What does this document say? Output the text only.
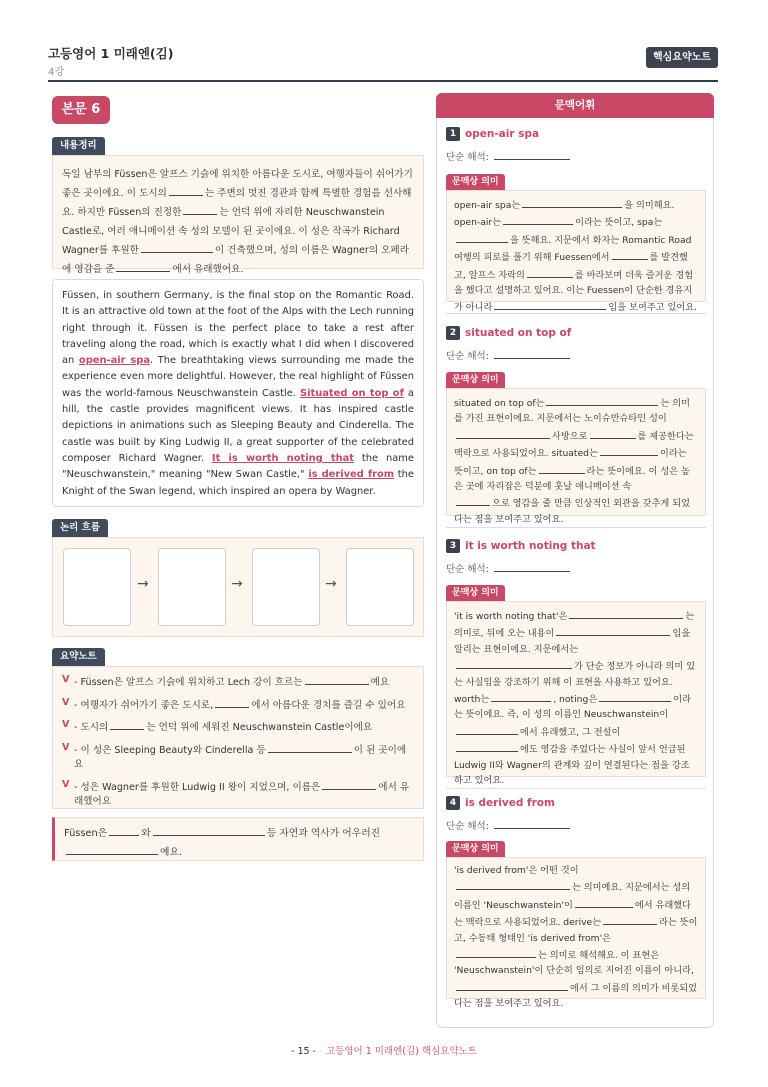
고등영어 1 미래엔(김)
4강
핵심요약노트
본문 6
내용정리
독일 남부의 Füssen은 알프스 기슭에 위치한 아름다운 도시로, 여행자들이 쉬어가기 좋은 곳이에요. 이 도시의	는 주변의 멋진 경관과 함께 특별한 경험을 선사해요. 하지만 Füssen의 진정한	는 언덕 위에 자리한 Neuschwanstein Castle로, 여러 애니메이션 속 성의 모델이 된 곳이에요. 이 성은 작곡가 Richard Wagner를 후원한	이 건축했으며, 성의 이름은 Wagner의 오페라에 영감을 준	에서 유래했어요.
Füssen, in southern Germany, is the final stop on the Romantic Road. It is an attractive old town at the foot of the Alps with the Lech running right through it. Füssen is the perfect place to take a rest after traveling along the road, which is exactly what I did when I discovered an open-air spa. The breathtaking views surrounding me made the experience even more delightful. However, the real highlight of Füssen was the world-famous Neuschwanstein Castle. Situated on top of a hill, the castle provides magnificent views. It has inspired castle depictions in animations such as Sleeping Beauty and Cinderella. The castle was built by King Ludwig II, a great supporter of the celebrated composer Richard Wagner. It is worth noting that the name "Neuschwanstein," meaning "New Swan Castle," is derived from the Knight of the Swan legend, which inspired an opera by Wagner.
논리 흐름
→	→	→
요약노트
V - Füssen은 알프스 기슭에 위치하고 Lech 강이 흐르는	예요
V - 여행자가 쉬어가기 좋은 도시로,	에서 아름다운 경치를 즐길 수 있어요
V - 도시의	는 언덕 위에 세워진 Neuschwanstein Castle이에요
V - 이 성은 Sleeping Beauty와 Cinderella 등	이 된 곳이에요
V - 성은 Wagner를 후원한 Ludwig II 왕이 지었으며, 이름은	에서 유래했어요
Füssen은	와	등 자연과 역사가 어우러진
예요.
문맥어휘
1 open-air spa
단순 해석:
문맥상 의미
open-air spa는	을 의미해요.
open-air는	이라는 뜻이고, spa는을 뜻해요. 지문에서 화자는 Romantic Road 여행의 피로를 풀기 위해 Fuessen에서	를 발견했고, 알프스 자락의	를 바라보며 더욱 즐거운 경험을 했다고 설명하고 있어요. 이는 Fuessen이 단순한 경유지가 아니라	임을 보여주고 있어요.
2 situated on top of
단순 해석:
문맥상 의미
situated on top of는	는 의미를 가진 표현이에요. 지문에서는 노이슈반슈타인 성이
사방으로	를 제공한다는 맥락으로 사용되었어요. situated는	이라는 뜻이고, on top of는	라는 뜻이에요. 이 성은 높은 곳에 자리잡은 덕분에 훗날 애니메이션 속
으로 영감을 줄 만큼 인상적인 외관을 갖추게 되었다는 점을 보여주고 있어요.
3 it is worth noting that
단순 해석:
문맥상 의미
'it is worth noting that'은	는 의미로, 뒤에 오는 내용이	임을 알리는 표현이에요. 지문에서는
가 단순 정보가 아니라 의미 있는 사실임을 강조하기 위해 이 표현을 사용하고 있어요. worth는	, noting은	이라는 뜻이에요. 즉, 이 성의 이름인 Neuschwanstein이
에서 유래했고, 그 전설이
에도 영감을 주었다는 사실이 앞서 언급된 Ludwig II와 Wagner의 관계와 깊이 연결된다는 점을 강조하고 있어요.
4 is derived from
단순 해석:
문맥상 의미
'is derived from'은 어떤 것이
는 의미예요. 지문에서는 성의 이름인 'Neuschwanstein'이	에서 유래했다는 맥락으로 사용되었어요. derive는	라는 뜻이고, 수동태 형태인 'is derived from'은
는 의미로 해석해요. 이 표현은 'Neuschwanstein'이 단순히 임의로 지어진 이름이 아니라,
에서 그 이름의 의미가 비롯되었다는 점을 보여주고 있어요.
- 15 - 고등영어 1 미래엔(김) 핵심요약노트
